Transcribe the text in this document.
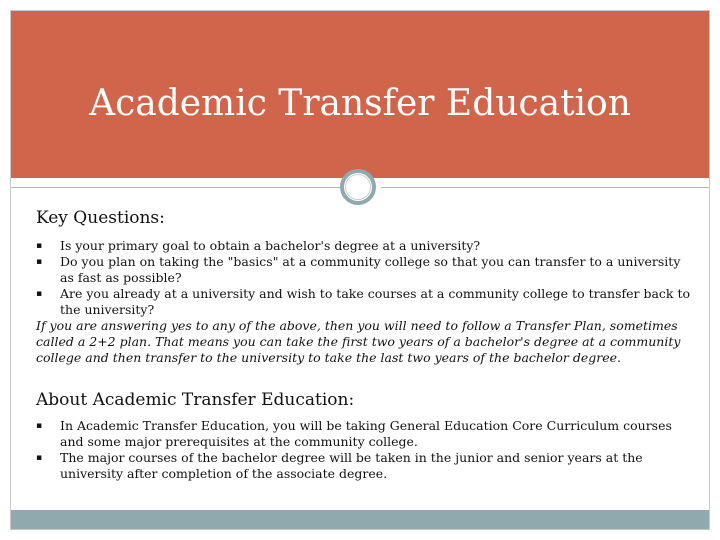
Academic Transfer Education

Key Questions:

▪ Is your primary goal to obtain a bachelor's degree at a university?
▪ Do you plan on taking the "basics" at a community college so that you can transfer to a university as fast as possible?
▪ Are you already at a university and wish to take courses at a community college to transfer back to the university?

If you are answering yes to any of the above, then you will need to follow a Transfer Plan, sometimes called a 2+2 plan. That means you can take the first two years of a bachelor's degree at a community college and then transfer to the university to take the last two years of the bachelor degree.

About Academic Transfer Education:

▪ In Academic Transfer Education, you will be taking General Education Core Curriculum courses and some major prerequisites at the community college.
▪ The major courses of the bachelor degree will be taken in the junior and senior years at the university after completion of the associate degree.
